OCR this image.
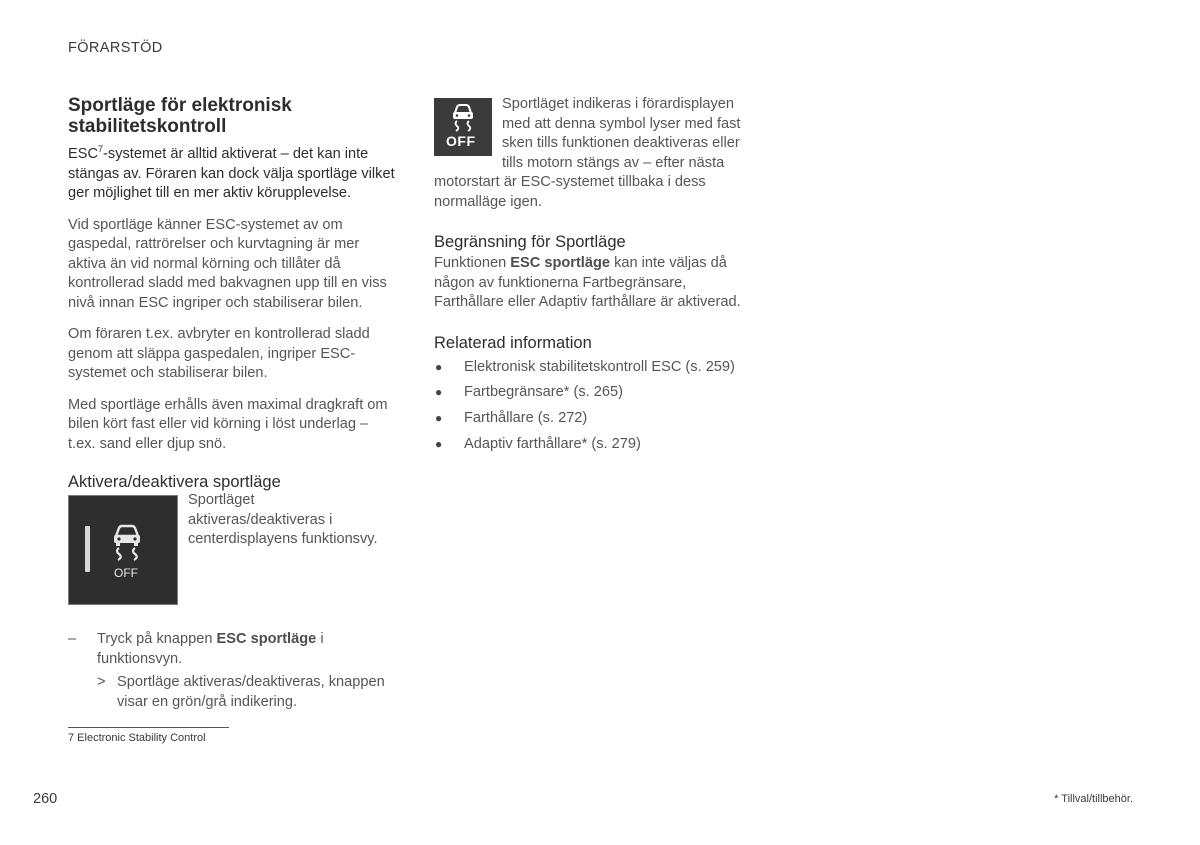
FÖRARSTÖD
Sportläge för elektronisk stabilitetskontroll

ESC$^7$-systemet är alltid aktiverat – det kan inte stängas av. Föraren kan dock välja sportläge vilket ger möjlighet till en mer aktiv körupplevelse.

Vid sportläge känner ESC-systemet av om gaspedal, rattrörelser och kurvtagning är mer aktiva än vid normal körning och tillåter då kontrollerad sladd med bakvagnen upp till en viss nivå innan ESC ingriper och stabiliserar bilen.

Om föraren t.ex. avbryter en kontrollerad sladd genom att släppa gaspedalen, ingriper ESC-systemet och stabiliserar bilen.

Med sportläge erhålls även maximal dragkraft om bilen kört fast eller vid körning i löst underlag – t.ex. sand eller djup snö.

Aktivera/deaktivera sportläge
OFF
Sportläget aktiveras/deaktiveras i centerdisplayens funktionsvy.
–	Tryck på knappen ESC sportläge i funktionsvyn.
> Sportläge aktiveras/deaktiveras, knappen visar en grön/grå indikering.
OFF

Sportläget indikeras i förardisplayen med att denna symbol lyser med fast sken tills funktionen deaktiveras eller tills motorn stängs av – efter nästa

motorstart är ESC-systemet tillbaka i dess normalläge igen.

Begränsning för Sportläge

Funktionen ESC sportläge kan inte väljas då någon av funktionerna Fartbegränsare, Farthållare eller Adaptiv farthållare är aktiverad.

Relaterad information
●	Elektronisk stabilitetskontroll ESC (s. 259)
●	Fartbegränsare* (s. 265)
●	Farthållare (s. 272)
●	Adaptiv farthållare* (s. 279)
7 Electronic Stability Control
260	* Tillval/tillbehör.
